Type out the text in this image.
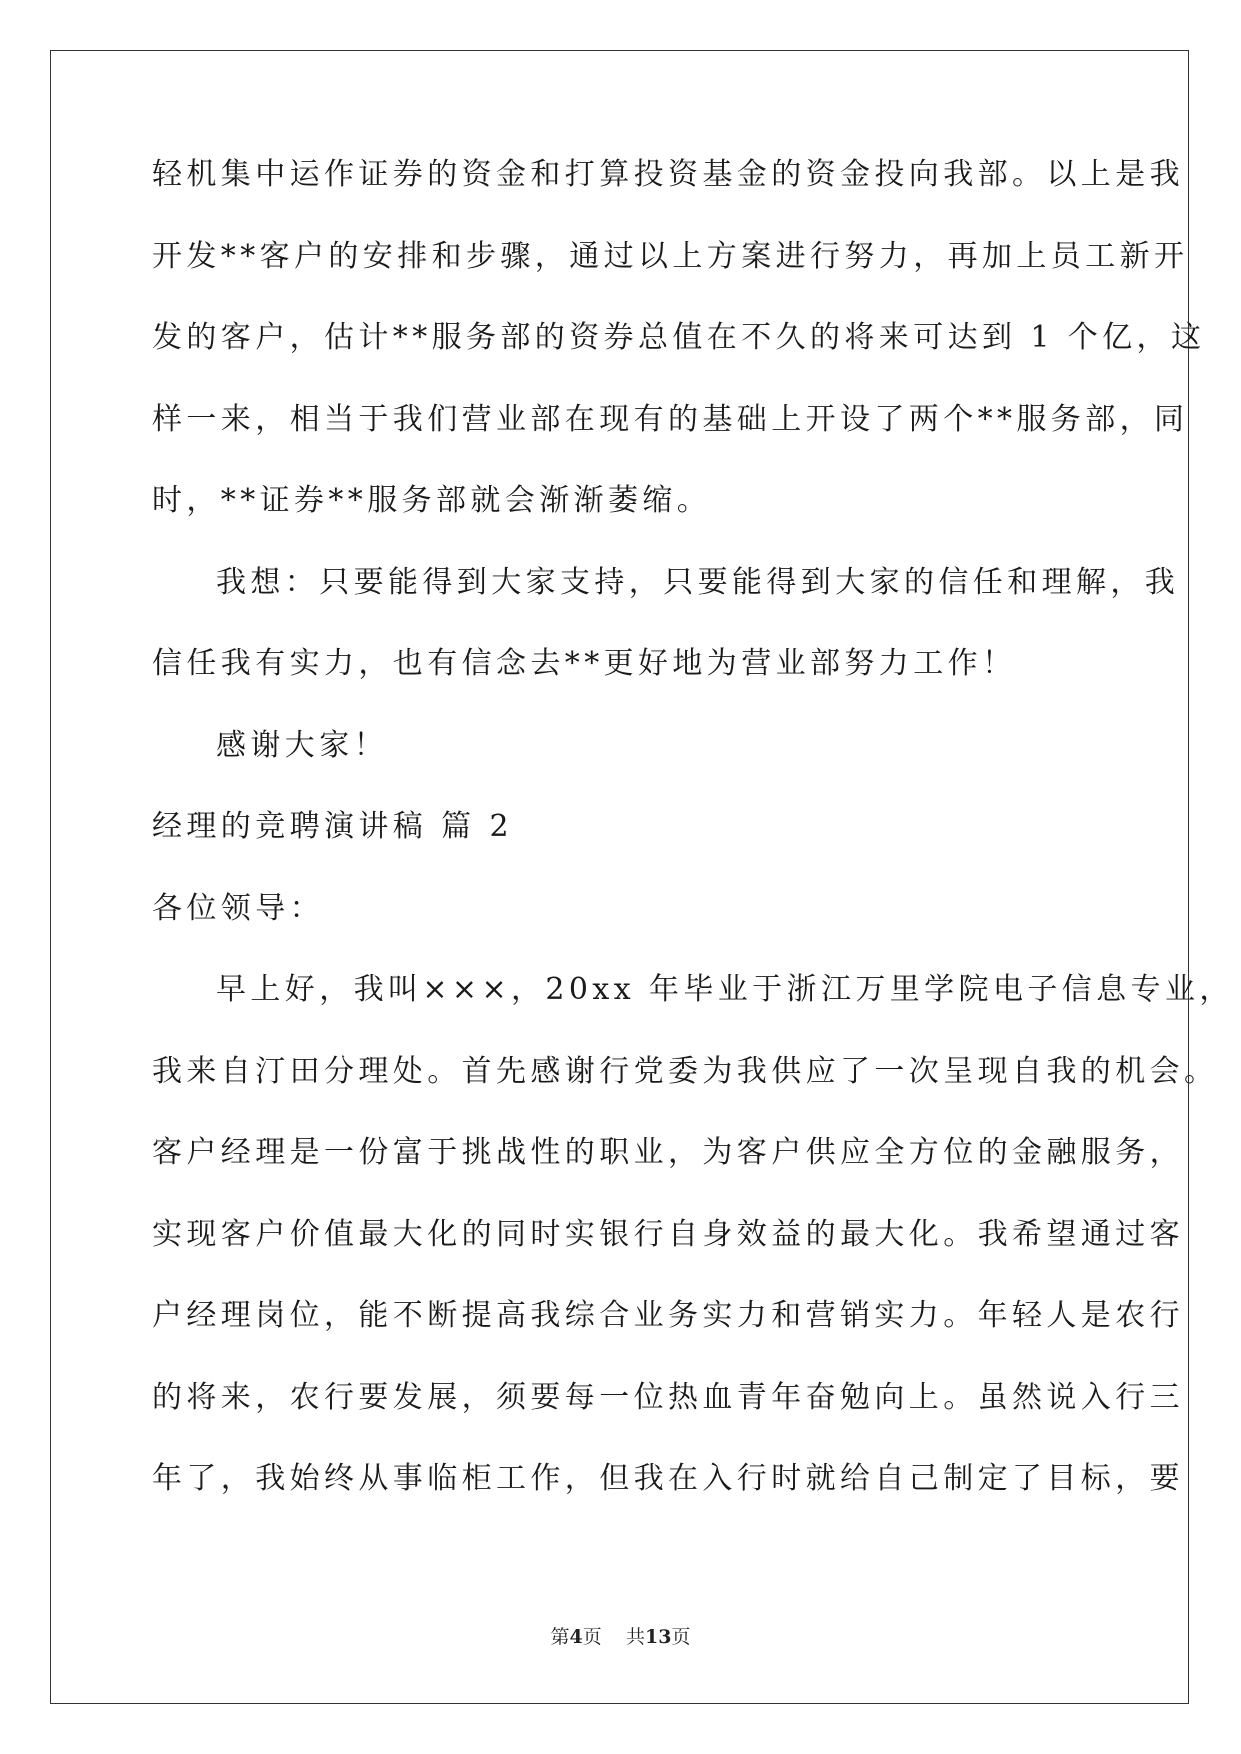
轻机集中运作证券的资金和打算投资基金的资金投向我部。以上是我
开发**客户的安排和步骤，通过以上方案进行努力，再加上员工新开
发的客户，估计**服务部的资券总值在不久的将来可达到 1 个亿，这
样一来，相当于我们营业部在现有的基础上开设了两个**服务部，同
时，**证券**服务部就会渐渐萎缩。
我想：只要能得到大家支持，只要能得到大家的信任和理解，我
信任我有实力，也有信念去**更好地为营业部努力工作！
感谢大家！
经理的竞聘演讲稿 篇 2
各位领导：
早上好，我叫×××，20xx 年毕业于浙江万里学院电子信息专业，
我来自汀田分理处。首先感谢行党委为我供应了一次呈现自我的机会。
客户经理是一份富于挑战性的职业，为客户供应全方位的金融服务，
实现客户价值最大化的同时实银行自身效益的最大化。我希望通过客
户经理岗位，能不断提高我综合业务实力和营销实力。年轻人是农行
的将来，农行要发展，须要每一位热血青年奋勉向上。虽然说入行三
年了，我始终从事临柜工作，但我在入行时就给自己制定了目标，要
第4页 共13页
